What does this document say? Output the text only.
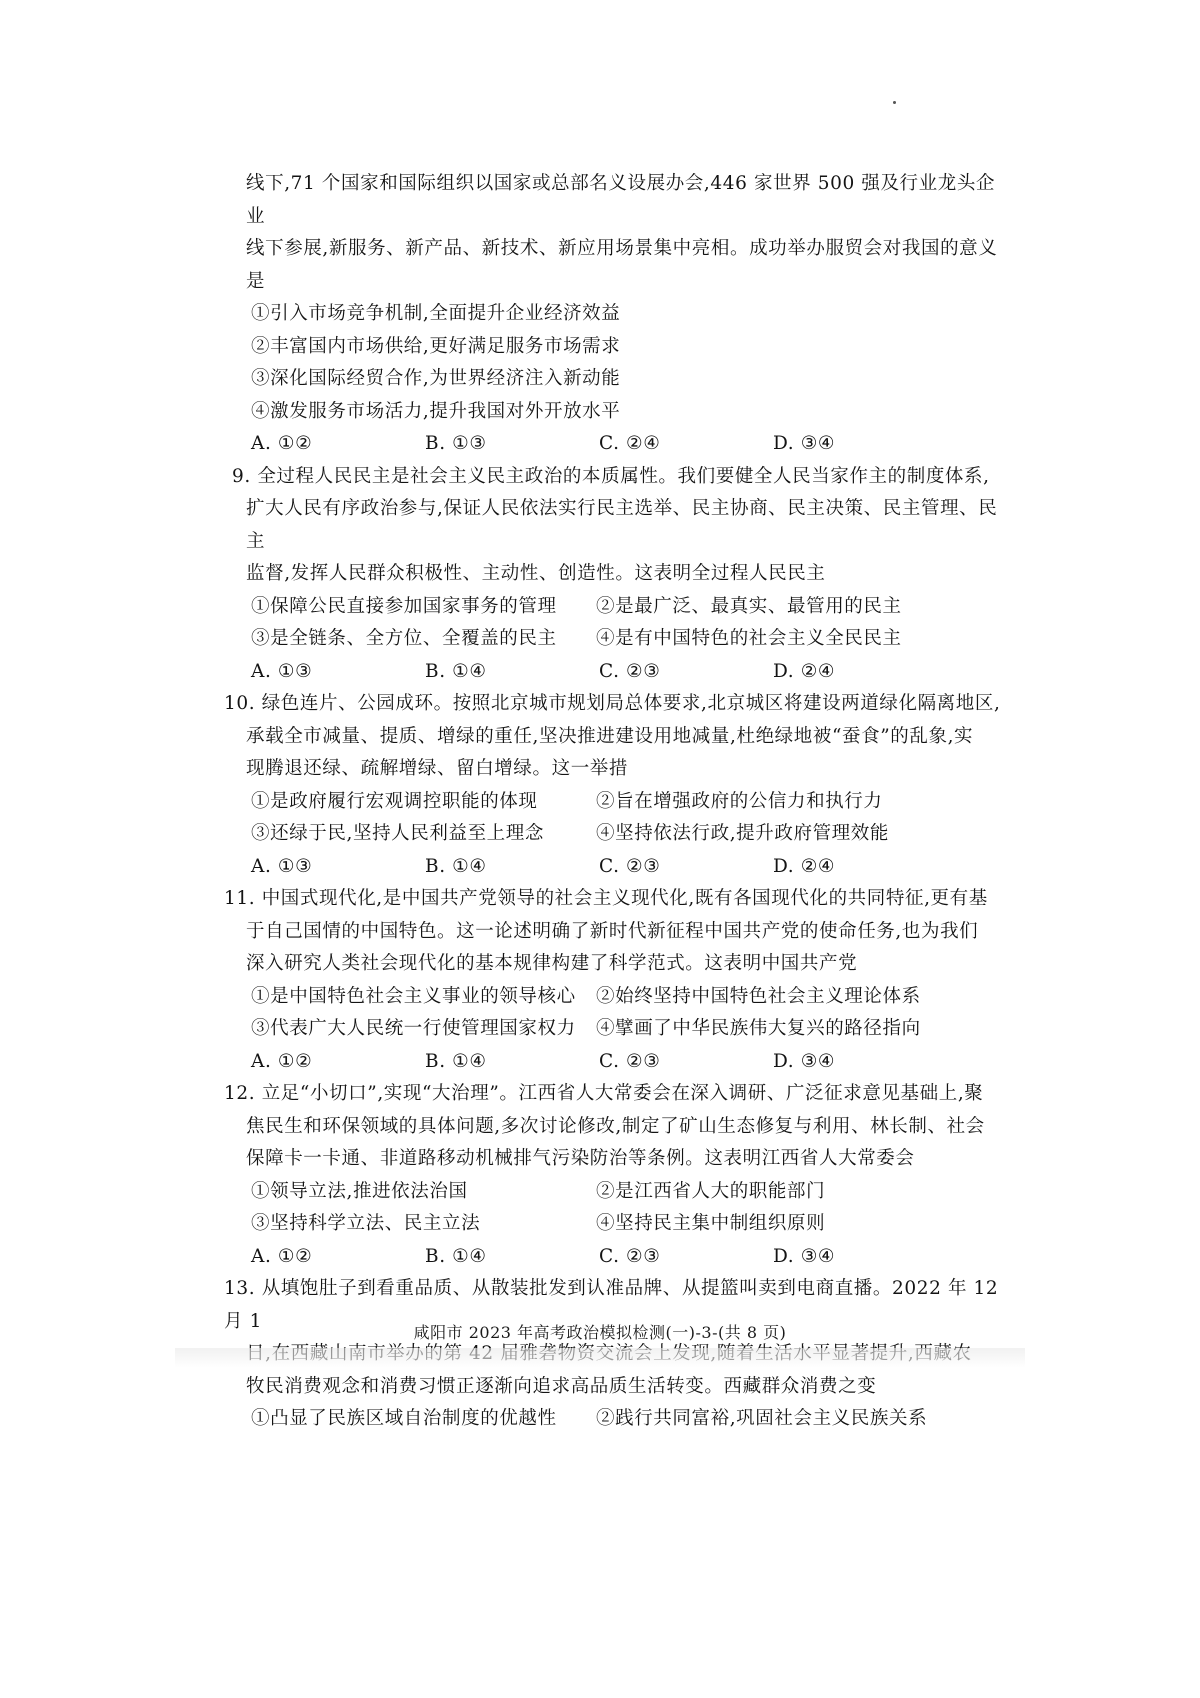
线下,71 个国家和国际组织以国家或总部名义设展办会,446 家世界 500 强及行业龙头企业

线下参展,新服务、新产品、新技术、新应用场景集中亮相。成功举办服贸会对我国的意义是

①引入市场竞争机制,全面提升企业经济效益

②丰富国内市场供给,更好满足服务市场需求

③深化国际经贸合作,为世界经济注入新动能

④激发服务市场活力,提升我国对外开放水平

A. ①②	B. ①③	C. ②④	D. ③④

9. 全过程人民民主是社会主义民主政治的本质属性。我们要健全人民当家作主的制度体系,

扩大人民有序政治参与,保证人民依法实行民主选举、民主协商、民主决策、民主管理、民主

监督,发挥人民群众积极性、主动性、创造性。这表明全过程人民民主

①保障公民直接参加国家事务的管理	②是最广泛、最真实、最管用的民主
③是全链条、全方位、全覆盖的民主	④是有中国特色的社会主义全民民主
A. ①③	B. ①④	C. ②③	D. ②④

10. 绿色连片、公园成环。按照北京城市规划局总体要求,北京城区将建设两道绿化隔离地区,

承载全市减量、提质、增绿的重任,坚决推进建设用地减量,杜绝绿地被“蚕食”的乱象,实

现腾退还绿、疏解增绿、留白增绿。这一举措

①是政府履行宏观调控职能的体现	②旨在增强政府的公信力和执行力
③还绿于民,坚持人民利益至上理念	④坚持依法行政,提升政府管理效能
A. ①③	B. ①④	C. ②③	D. ②④

11. 中国式现代化,是中国共产党领导的社会主义现代化,既有各国现代化的共同特征,更有基

于自己国情的中国特色。这一论述明确了新时代新征程中国共产党的使命任务,也为我们

深入研究人类社会现代化的基本规律构建了科学范式。这表明中国共产党

①是中国特色社会主义事业的领导核心	②始终坚持中国特色社会主义理论体系
③代表广大人民统一行使管理国家权力	④擘画了中华民族伟大复兴的路径指向
A. ①②	B. ①④	C. ②③	D. ③④

12. 立足“小切口”,实现“大治理”。江西省人大常委会在深入调研、广泛征求意见基础上,聚

焦民生和环保领域的具体问题,多次讨论修改,制定了矿山生态修复与利用、林长制、社会

保障卡一卡通、非道路移动机械排气污染防治等条例。这表明江西省人大常委会

①领导立法,推进依法治国	②是江西省人大的职能部门
③坚持科学立法、民主立法	④坚持民主集中制组织原则
A. ①②	B. ①④	C. ②③	D. ③④

13. 从填饱肚子到看重品质、从散装批发到认准品牌、从提篮叫卖到电商直播。2022 年 12 月 1

牧民消费观念和消费习惯正逐渐向追求高品质生活转变。西藏群众消费之变

①凸显了民族区域自治制度的优越性	②践行共同富裕,巩固社会主义民族关系
咸阳市 2023 年高考政治模拟检测(一)-3-(共 8 页)
